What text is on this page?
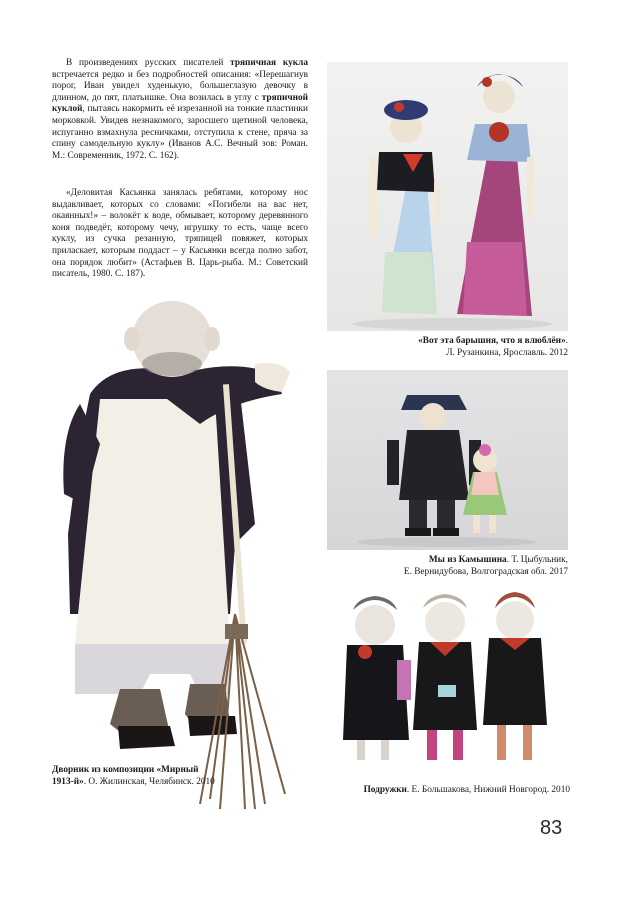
В произведениях русских писателей тряпичная кукла встречается редко и без подробностей описания: «Перешагнув порог, Иван увидел худенькую, большеглазую девочку в длинном, до пят, платьишке. Она возилась в углу с тряпичной куклой, пытаясь накормить её изрезанной на тонкие пластинки морковкой. Увидев незнакомого, заросшего щетиной человека, испуганно взмахнула ресничками, отступила к стене, пряча за спину самодельную куклу» (Иванов А.С. Вечный зов: Роман. М.: Современник, 1972. С. 162).

«Деловитая Касьянка занялась ребятами, которому нос выдавливает, которых со словами: «Погибели на вас нет, окаянных!» – волокёт к воде, обмывает, которому деревянного коня подведёт, которому чечу, игрушку то есть, чаще всего куклу, из сучка резанную, тряпицей повяжет, которых приласкает, которым поддаст – у Касьянки всегда полно забот, она порядок любит» (Астафьев В. Царь-рыба. М.: Советский писатель, 1980. С. 187).

«Вот эта барышня, что я влюблён».
Л. Рузанкина, Ярославль. 2012

Дворник из композиции «Мирный 1913-й». О. Жилинская, Челябинск. 2010

Мы из Камышина. Т. Цыбульник,
Е. Вернидубова, Волгоградская обл. 2017

Подружки. Е. Большакова, Нижний Новгород. 2010

83
